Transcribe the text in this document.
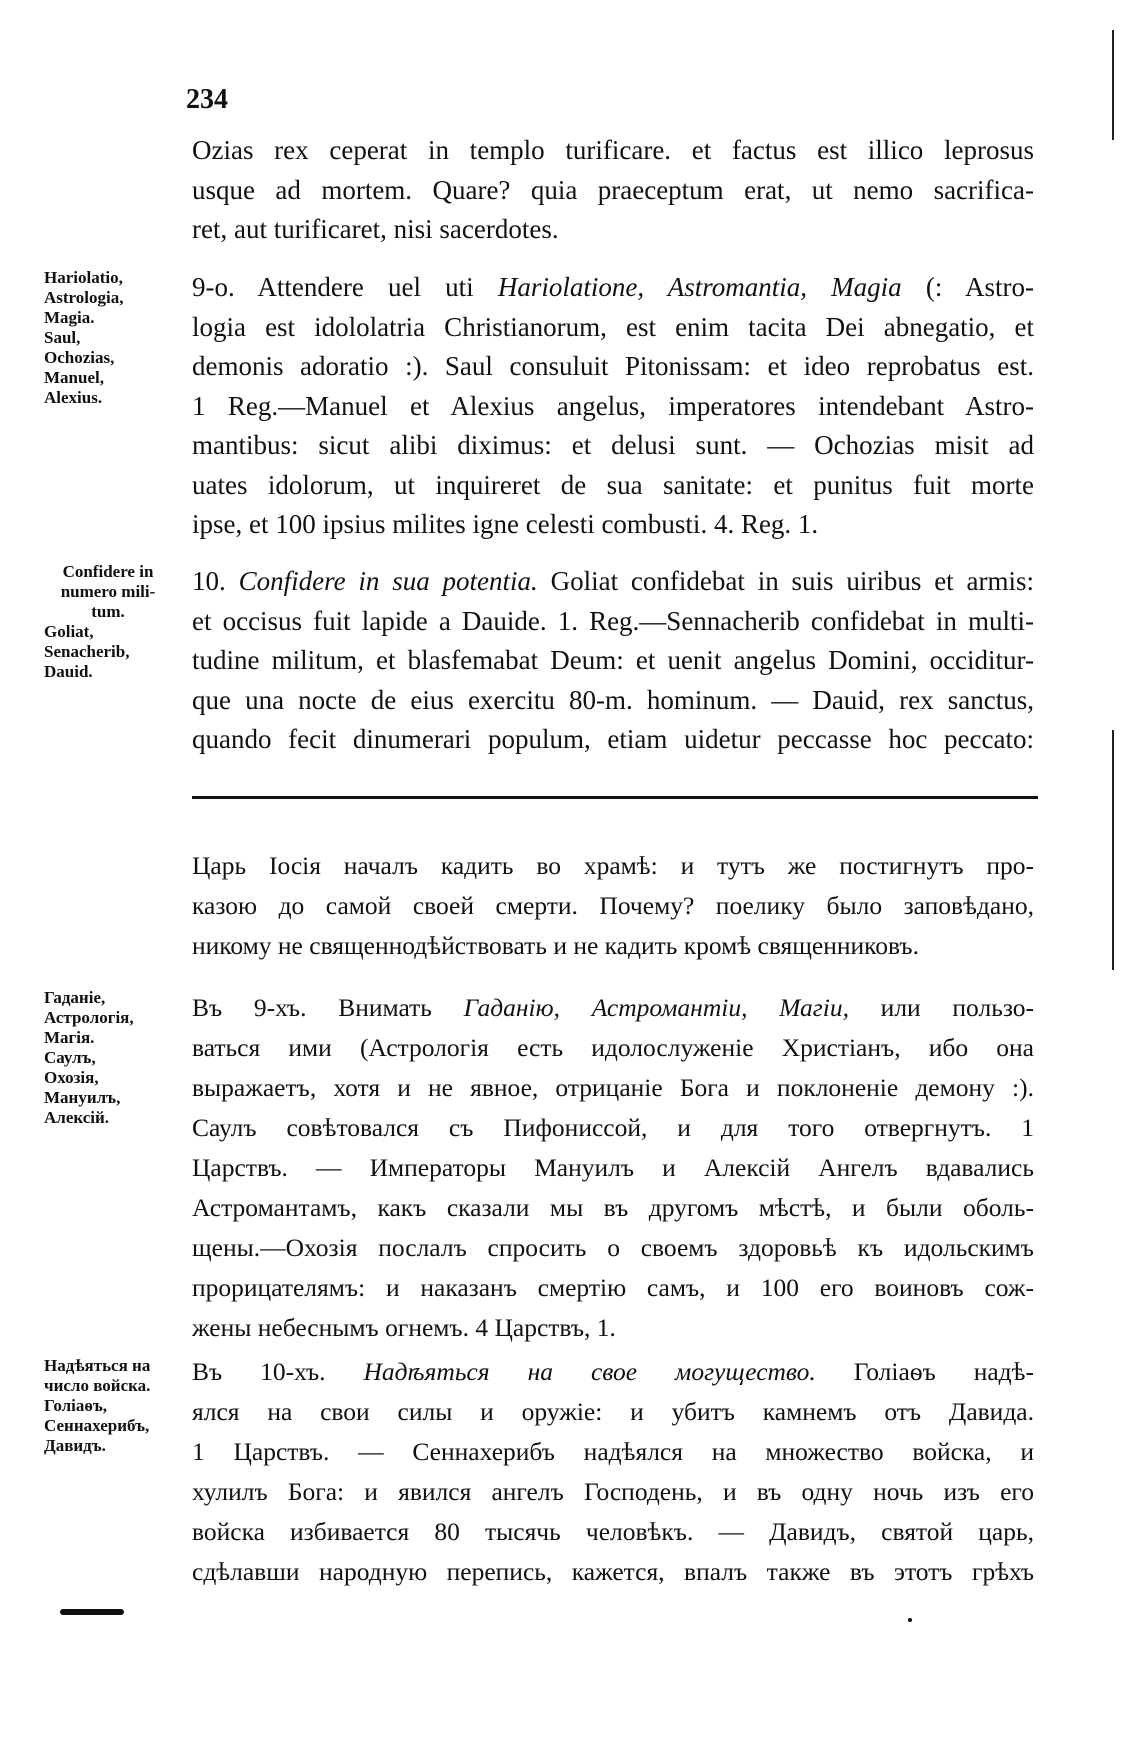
234
Ozias rex ceperat in templo turificare. et factus est illico leprosus
usque ad mortem. Quare? quia praeceptum erat, ut nemo sacrifica-
ret, aut turificaret, nisi sacerdotes.
Hariolatio,
Astrologia,
Magia.
Saul,
Ochozias,
Manuel,
Alexius.
9-o. Attendere uel uti Hariolatione, Astromantia, Magia (: Astro-
logia est idololatria Christianorum, est enim tacita Dei abnegatio, et
demonis adoratio :). Saul consuluit Pitonissam: et ideo reprobatus est.
1 Reg.—Manuel et Alexius angelus, imperatores intendebant Astro-
mantibus: sicut alibi diximus: et delusi sunt. — Ochozias misit ad
uates idolorum, ut inquireret de sua sanitate: et punitus fuit morte
ipse, et 100 ipsius milites igne celesti combusti. 4. Reg. 1.
Confidere in
numero mili-
tum.
Goliat,
Senacherib,
Dauid.
10. Confidere in sua potentia. Goliat confidebat in suis uiribus et armis:
et occisus fuit lapide a Dauide. 1. Reg.—Sennacherib confidebat in multi-
tudine militum, et blasfemabat Deum: et uenit angelus Domini, occiditur-
que una nocte de eius exercitu 80-m. hominum. — Dauid, rex sanctus,
quando fecit dinumerari populum, etiam uidetur peccasse hoc peccato:
Царь Іосія началъ кадить во храмѣ: и тутъ же постигнутъ про-
казою до самой своей смерти. Почему? поелику было заповѣдано,
никому не священнодѣйствовать и не кадить кромѣ священниковъ.
Гаданіе,
Астрологія,
Магія.
Саулъ,
Охозія,
Мануилъ,
Алексій.
Въ 9-хъ. Внимать Гаданію, Астромантіи, Магіи, или пользо-
ваться ими (Астрологія есть идолослуженіе Христіанъ, ибо она
выражаетъ, хотя и не явное, отрицаніе Бога и поклоненіе демону :).
Саулъ совѣтовался съ Пифониссой, и для того отвергнутъ. 1
Царствъ. — Императоры Мануилъ и Алексій Ангелъ вдавались
Астромантамъ, какъ сказали мы въ другомъ мѣстѣ, и были оболь-
щены.—Охозія послалъ спросить о своемъ здоровьѣ къ идольскимъ
прорицателямъ: и наказанъ смертію самъ, и 100 его воиновъ сож-
жены небеснымъ огнемъ. 4 Царствъ, 1.
Надѣяться на
число войска.
Голіаѳъ,
Сеннахерибъ,
Давидъ.
Въ 10-хъ. Надѣяться на свое могущество. Голіаѳъ надѣ-
ялся на свои силы и оружіе: и убитъ камнемъ отъ Давида.
1 Царствъ. — Сеннахерибъ надѣялся на множество войска, и
хулилъ Бога: и явился ангелъ Господень, и въ одну ночь изъ его
войска избивается 80 тысячь человѣкъ. — Давидъ, святой царь,
сдѣлавши народную перепись, кажется, впалъ также въ этотъ грѣхъ
